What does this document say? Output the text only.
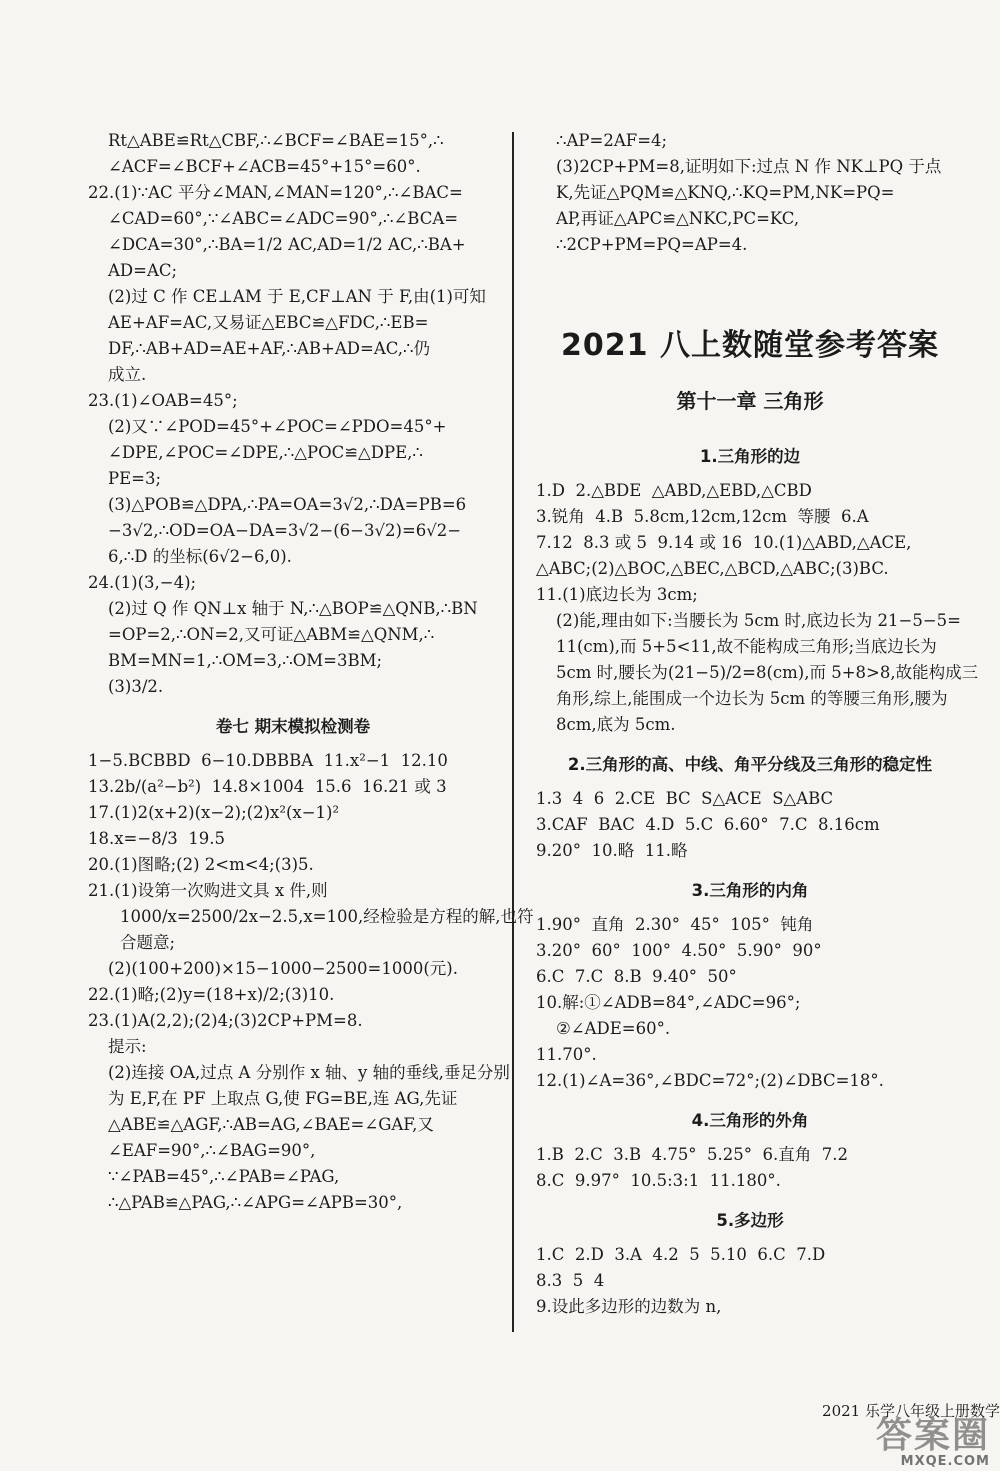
Rt△ABE≌Rt△CBF,∴∠BCF=∠BAE=15°,∴
∠ACF=∠BCF+∠ACB=45°+15°=60°.
22.(1)∵AC 平分∠MAN,∠MAN=120°,∴∠BAC=
∠CAD=60°,∵∠ABC=∠ADC=90°,∴∠BCA=
∠DCA=30°,∴BA=1/2 AC,AD=1/2 AC,∴BA+
AD=AC;
(2)过 C 作 CE⊥AM 于 E,CF⊥AN 于 F,由(1)可知
AE+AF=AC,又易证△EBC≌△FDC,∴EB=
DF,∴AB+AD=AE+AF,∴AB+AD=AC,∴仍
成立.
23.(1)∠OAB=45°;
(2)又∵∠POD=45°+∠POC=∠PDO=45°+
∠DPE,∠POC=∠DPE,∴△POC≌△DPE,∴
PE=3;
(3)△POB≌△DPA,∴PA=OA=3√2,∴DA=PB=6
−3√2,∴OD=OA−DA=3√2−(6−3√2)=6√2−
6,∴D 的坐标(6√2−6,0).
24.(1)(3,−4);
(2)过 Q 作 QN⊥x 轴于 N,∴△BOP≌△QNB,∴BN
=OP=2,∴ON=2,又可证△ABM≌△QNM,∴
BM=MN=1,∴OM=3,∴OM=3BM;
(3)3/2.
卷七 期末模拟检测卷
1−5.BCBBD  6−10.DBBBA  11.x²−1  12.10
13.2b/(a²−b²)  14.8×1004  15.6  16.21 或 3
17.(1)2(x+2)(x−2);(2)x²(x−1)²
18.x=−8/3  19.5
20.(1)图略;(2) 2<m<4;(3)5.
21.(1)设第一次购进文具 x 件,则
1000/x=2500/2x−2.5,x=100,经检验是方程的解,也符
合题意;
(2)(100+200)×15−1000−2500=1000(元).
22.(1)略;(2)y=(18+x)/2;(3)10.
23.(1)A(2,2);(2)4;(3)2CP+PM=8.
提示:
(2)连接 OA,过点 A 分别作 x 轴、y 轴的垂线,垂足分别
为 E,F,在 PF 上取点 G,使 FG=BE,连 AG,先证
△ABE≌△AGF,∴AB=AG,∠BAE=∠GAF,又
∠EAF=90°,∴∠BAG=90°,
∵∠PAB=45°,∴∠PAB=∠PAG,
∴△PAB≌△PAG,∴∠APG=∠APB=30°,
∴AP=2AF=4;
(3)2CP+PM=8,证明如下:过点 N 作 NK⊥PQ 于点
K,先证△PQM≌△KNQ,∴KQ=PM,NK=PQ=
AP,再证△APC≌△NKC,PC=KC,
∴2CP+PM=PQ=AP=4.
2021 八上数随堂参考答案
第十一章 三角形
1.三角形的边
1.D  2.△BDE  △ABD,△EBD,△CBD
3.锐角  4.B  5.8cm,12cm,12cm  等腰  6.A
7.12  8.3 或 5  9.14 或 16  10.(1)△ABD,△ACE,
△ABC;(2)△BOC,△BEC,△BCD,△ABC;(3)BC.
11.(1)底边长为 3cm;
(2)能,理由如下:当腰长为 5cm 时,底边长为 21−5−5=
11(cm),而 5+5<11,故不能构成三角形;当底边长为
5cm 时,腰长为(21−5)/2=8(cm),而 5+8>8,故能构成三
角形,综上,能围成一个边长为 5cm 的等腰三角形,腰为
8cm,底为 5cm.
2.三角形的高、中线、角平分线及三角形的稳定性
1.3  4  6  2.CE  BC  S△ACE  S△ABC
3.CAF  BAC  4.D  5.C  6.60°  7.C  8.16cm
9.20°  10.略  11.略
3.三角形的内角
1.90°  直角  2.30°  45°  105°  钝角
3.20°  60°  100°  4.50°  5.90°  90°
6.C  7.C  8.B  9.40°  50°
10.解:①∠ADB=84°,∠ADC=96°;
②∠ADE=60°.
11.70°.
12.(1)∠A=36°,∠BDC=72°;(2)∠DBC=18°.
4.三角形的外角
1.B  2.C  3.B  4.75°  5.25°  6.直角  7.2
8.C  9.97°  10.5:3:1  11.180°.
5.多边形
1.C  2.D  3.A  4.2  5  5.10  6.C  7.D
8.3  5  4
9.设此多边形的边数为 n,
2021 乐学八年级上册数学
答案圈
MXQE.COM
